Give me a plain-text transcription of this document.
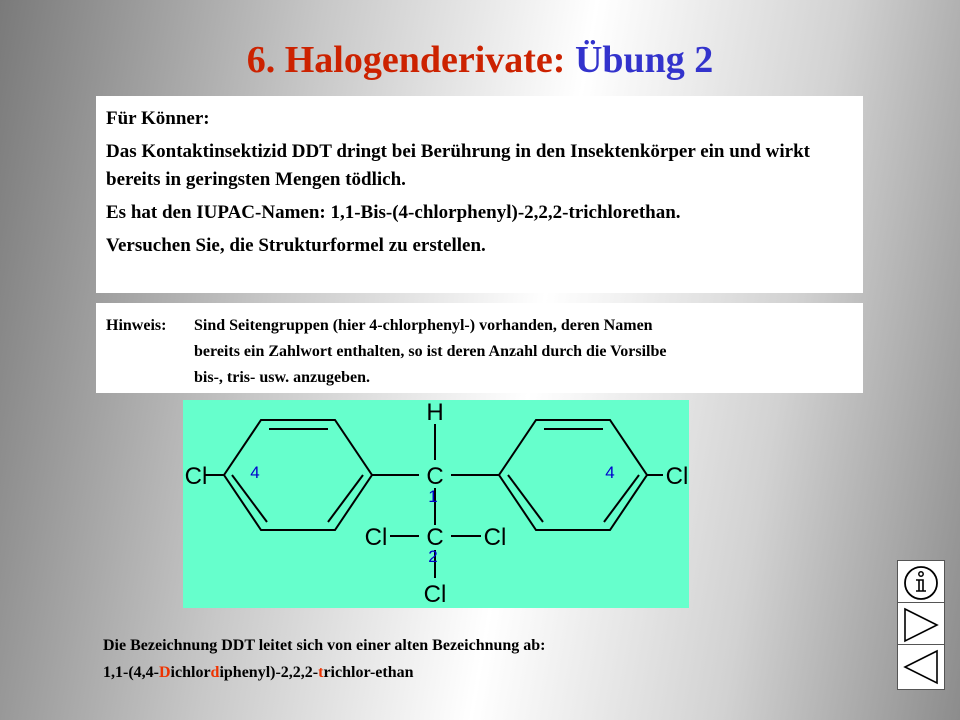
6. Halogenderivate: Übung 2

Für Könner:

Das Kontaktinsektizid DDT dringt bei Berührung in den Insektenkörper ein und wirkt bereits in geringsten Mengen tödlich.

Es hat den IUPAC-Namen: 1,1-Bis-(4-chlorphenyl)-2,2,2-trichlorethan.

Versuchen Sie, die Strukturformel zu erstellen.

Hinweis:	Sind Seitengruppen (hier 4-chlorphenyl-) vorhanden, deren Namen
bereits ein Zahlwort enthalten, so ist deren Anzahl durch die Vorsilbe
bis-, tris- usw. anzugeben.
H
C
C
Cl	Cl
Cl	Cl
Cl
4	4
1
2
Die Bezeichnung DDT leitet sich von einer alten Bezeichnung ab:
1,1-(4,4-Dichlordiphenyl)-2,2,2-trichlor-ethan
